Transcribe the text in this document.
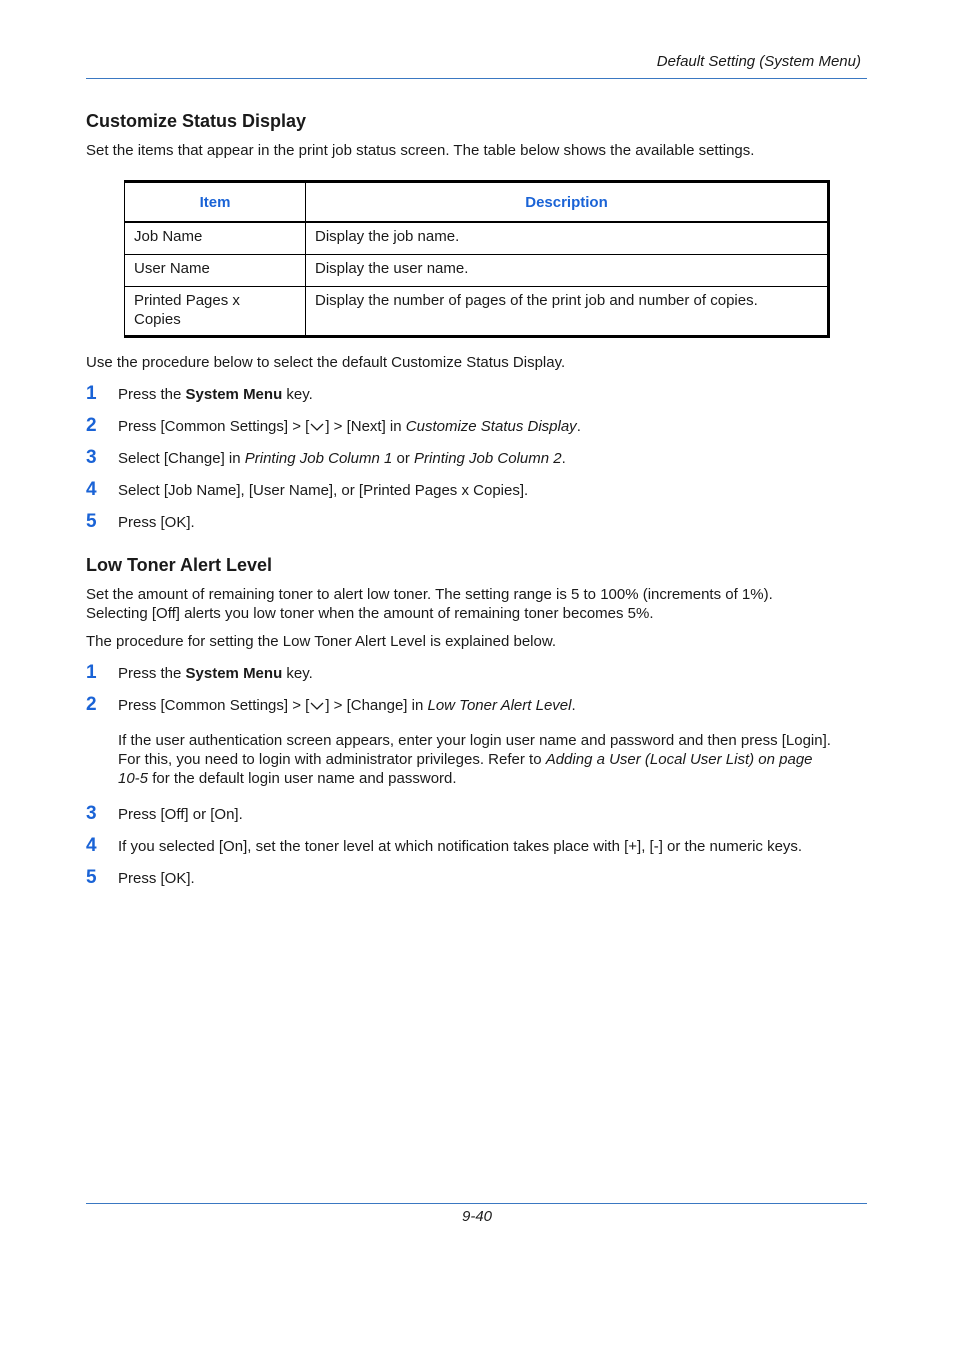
Default Setting (System Menu)
Customize Status Display
Set the items that appear in the print job status screen. The table below shows the available settings.
Item	Description
Job Name	Display the job name.
User Name	Display the user name.
Printed Pages x
Copies	Display the number of pages of the print job and number of copies.
Use the procedure below to select the default Customize Status Display.
1 Press the System Menu key.
2 Press [Common Settings] > [ ] > [Next] in Customize Status Display.
3 Select [Change] in Printing Job Column 1 or Printing Job Column 2.
4 Select [Job Name], [User Name], or [Printed Pages x Copies].
5 Press [OK].
Low Toner Alert Level
Set the amount of remaining toner to alert low toner. The setting range is 5 to 100% (increments of 1%).
Selecting [Off] alerts you low toner when the amount of remaining toner becomes 5%.
The procedure for setting the Low Toner Alert Level is explained below.
1 Press the System Menu key.
2 Press [Common Settings] > [ ] > [Change] in Low Toner Alert Level.
If the user authentication screen appears, enter your login user name and password and then press [Login].
For this, you need to login with administrator privileges. Refer to Adding a User (Local User List) on page
10-5 for the default login user name and password.
3 Press [Off] or [On].
4 If you selected [On], set the toner level at which notification takes place with [+], [-] or the numeric keys.
5 Press [OK].
9-40
